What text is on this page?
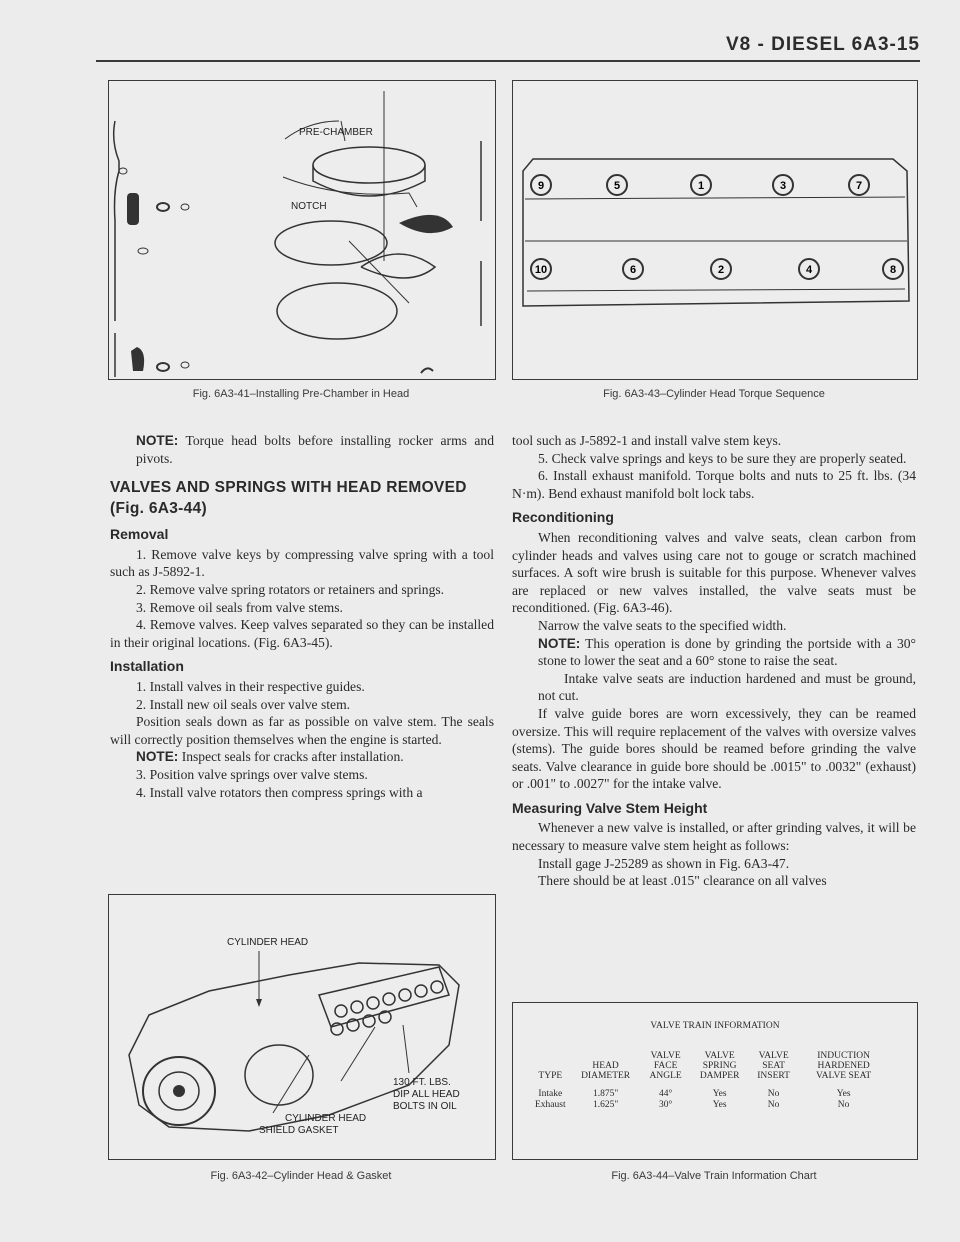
V8 - DIESEL 6A3-15
PRE-CHAMBER
NOTCH
Fig. 6A3-41–Installing Pre-Chamber in Head
9	5	1	3	7
10	6	2	4	8
Fig. 6A3-43–Cylinder Head Torque Sequence

NOTE: Torque head bolts before installing rocker arms and pivots.

VALVES AND SPRINGS WITH HEAD REMOVED (Fig. 6A3-44)
Removal

1. Remove valve keys by compressing valve spring with a tool such as J-5892-1.

2. Remove valve spring rotators or retainers and springs.

3. Remove oil seals from valve stems.

4. Remove valves. Keep valves separated so they can be installed in their original locations. (Fig. 6A3-45).

Installation

1. Install valves in their respective guides.

2. Install new oil seals over valve stem.

Position seals down as far as possible on valve stem. The seals will correctly position themselves when the engine is started.

NOTE: Inspect seals for cracks after installation.

3. Position valve springs over valve stems.

4. Install valve rotators then compress springs with a

tool such as J-5892-1 and install valve stem keys.

5. Check valve springs and keys to be sure they are properly seated.

6. Install exhaust manifold. Torque bolts and nuts to 25 ft. lbs. (34 N·m). Bend exhaust manifold bolt lock tabs.

Reconditioning

When reconditioning valves and valve seats, clean carbon from cylinder heads and valves using care not to gouge or scratch machined surfaces. A soft wire brush is suitable for this purpose. Whenever valves are replaced or new valves installed, the valve seats must be reconditioned. (Fig. 6A3-46).

Narrow the valve seats to the specified width.

NOTE: This operation is done by grinding the portside with a 30° stone to lower the seat and a 60° stone to raise the seat.

Intake valve seats are induction hardened and must be ground, not cut.

If valve guide bores are worn excessively, they can be reamed oversize. This will require replacement of the valves with oversize valves (stems). The guide bores should be reamed before grinding the valve seats. Valve clearance in guide bore should be .0015" to .0032" (exhaust) or .001" to .0027" for the intake valve.

Measuring Valve Stem Height

Whenever a new valve is installed, or after grinding valves, it will be necessary to measure valve stem height as follows:

Install gage J-25289 as shown in Fig. 6A3-47.

There should be at least .015" clearance on all valves

CYLINDER HEAD
130 FT. LBS.
DIP ALL HEAD
BOLTS IN OIL
CYLINDER HEAD
SHIELD GASKET
Fig. 6A3-42–Cylinder Head & Gasket
VALVE TRAIN INFORMATION
TYPE	HEAD DIAMETER	VALVE FACE ANGLE	VALVE SPRING DAMPER	VALVE SEAT INSERT	INDUCTION HARDENED VALVE SEAT
Intake	1.875"	44°	Yes	No	Yes
Exhaust	1.625"	30°	Yes	No	No
Fig. 6A3-44–Valve Train Information Chart
